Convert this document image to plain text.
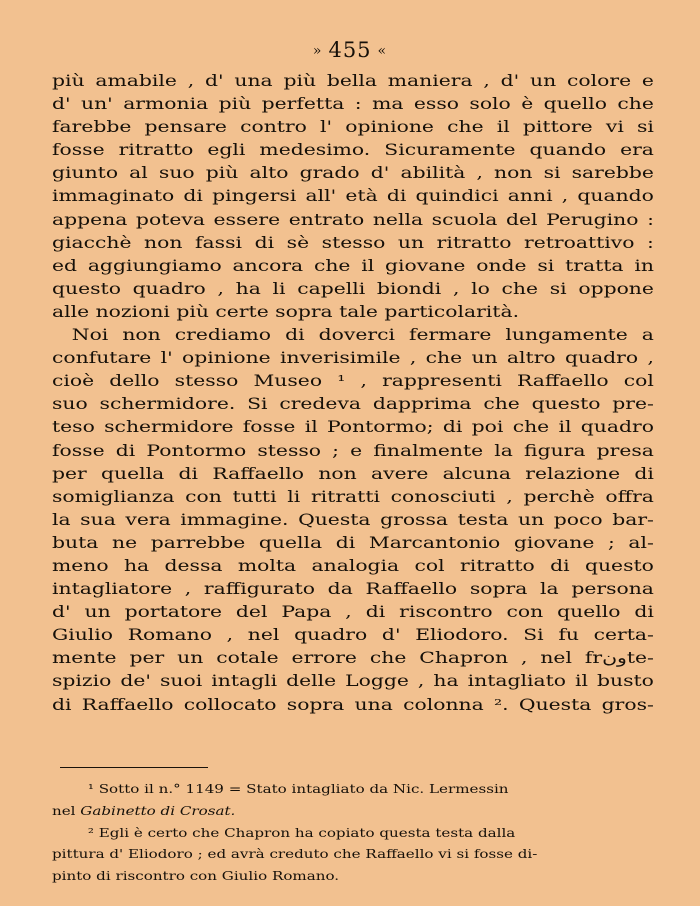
» 455 «
più amabile , d' una più bella maniera , d' un colore e
d' un' armonia più perfetta : ma esso solo è quello che
farebbe pensare contro l' opinione che il pittore vi si
fosse ritratto egli medesimo. Sicuramente quando era
giunto al suo più alto grado d' abilità , non si sarebbe
immaginato di pingersi all' età di quindici anni , quando
appena poteva essere entrato nella scuola del Perugino :
giacchè non fassi di sè stesso un ritratto retroattivo :
ed aggiungiamo ancora che il giovane onde si tratta in
questo quadro , ha li capelli biondi , lo che si oppone
alle nozioni più certe sopra tale particolarità.
Noi non crediamo di doverci fermare lungamente a
confutare l' opinione inverisimile , che un altro quadro ,
cioè dello stesso Museo ¹ , rappresenti Raffaello col
suo schermidore. Si credeva dapprima che questo pre-
teso schermidore fosse il Pontormo; di poi che il quadro
fosse di Pontormo stesso ; e finalmente la figura presa
per quella di Raffaello non avere alcuna relazione di
somiglianza con tutti li ritratti conosciuti , perchè offra
la sua vera immagine. Questa grossa testa un poco bar-
buta ne parrebbe quella di Marcantonio giovane ; al-
meno ha dessa molta analogia col ritratto di questo
intagliatore , raffigurato da Raffaello sopra la persona
d' un portatore del Papa , di riscontro con quello di
Giulio Romano , nel quadro d' Eliodoro. Si fu certa-
mente per un cotale errore che Chapron , nel frونte-
spizio de' suoi intagli delle Logge , ha intagliato il busto
di Raffaello collocato sopra una colonna ². Questa gros-
¹ Sotto il n.° 1149 = Stato intagliato da Nic. Lermessin
nel Gabinetto di Crosat.
² Egli è certo che Chapron ha copiato questa testa dalla
pittura d' Eliodoro ; ed avrà creduto che Raffaello vi si fosse di-
pinto di riscontro con Giulio Romano.
